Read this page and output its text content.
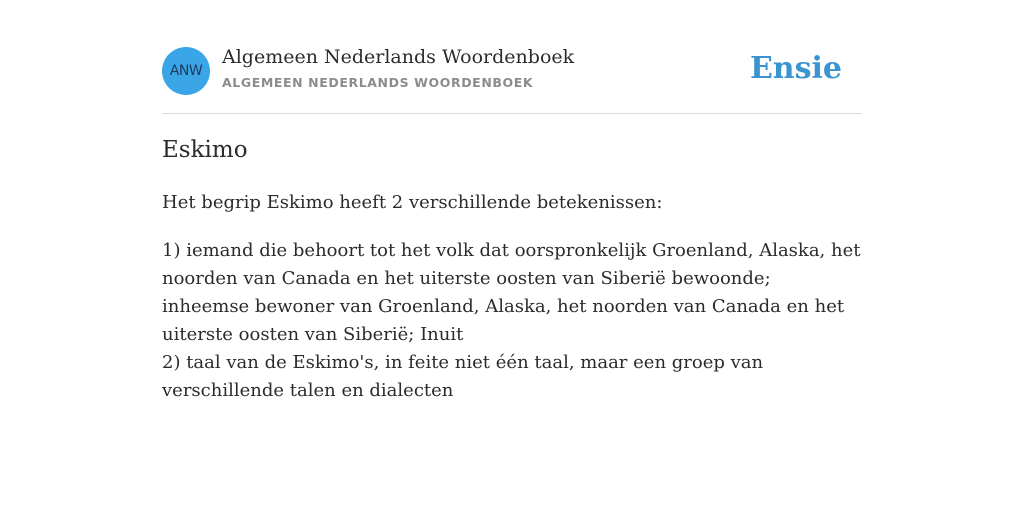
ANW
Algemeen Nederlands Woordenboek
ALGEMEEN NEDERLANDS WOORDENBOEK	Ensie
Eskimo

Het begrip Eskimo heeft 2 verschillende betekenissen:

1) iemand die behoort tot het volk dat oorspronkelijk Groenland, Alaska, het noorden van Canada en het uiterste oosten van Siberië bewoonde; inheemse bewoner van Groenland, Alaska, het noorden van Canada en het uiterste oosten van Siberië; Inuit
2) taal van de Eskimo's, in feite niet één taal, maar een groep van verschillende talen en dialecten
